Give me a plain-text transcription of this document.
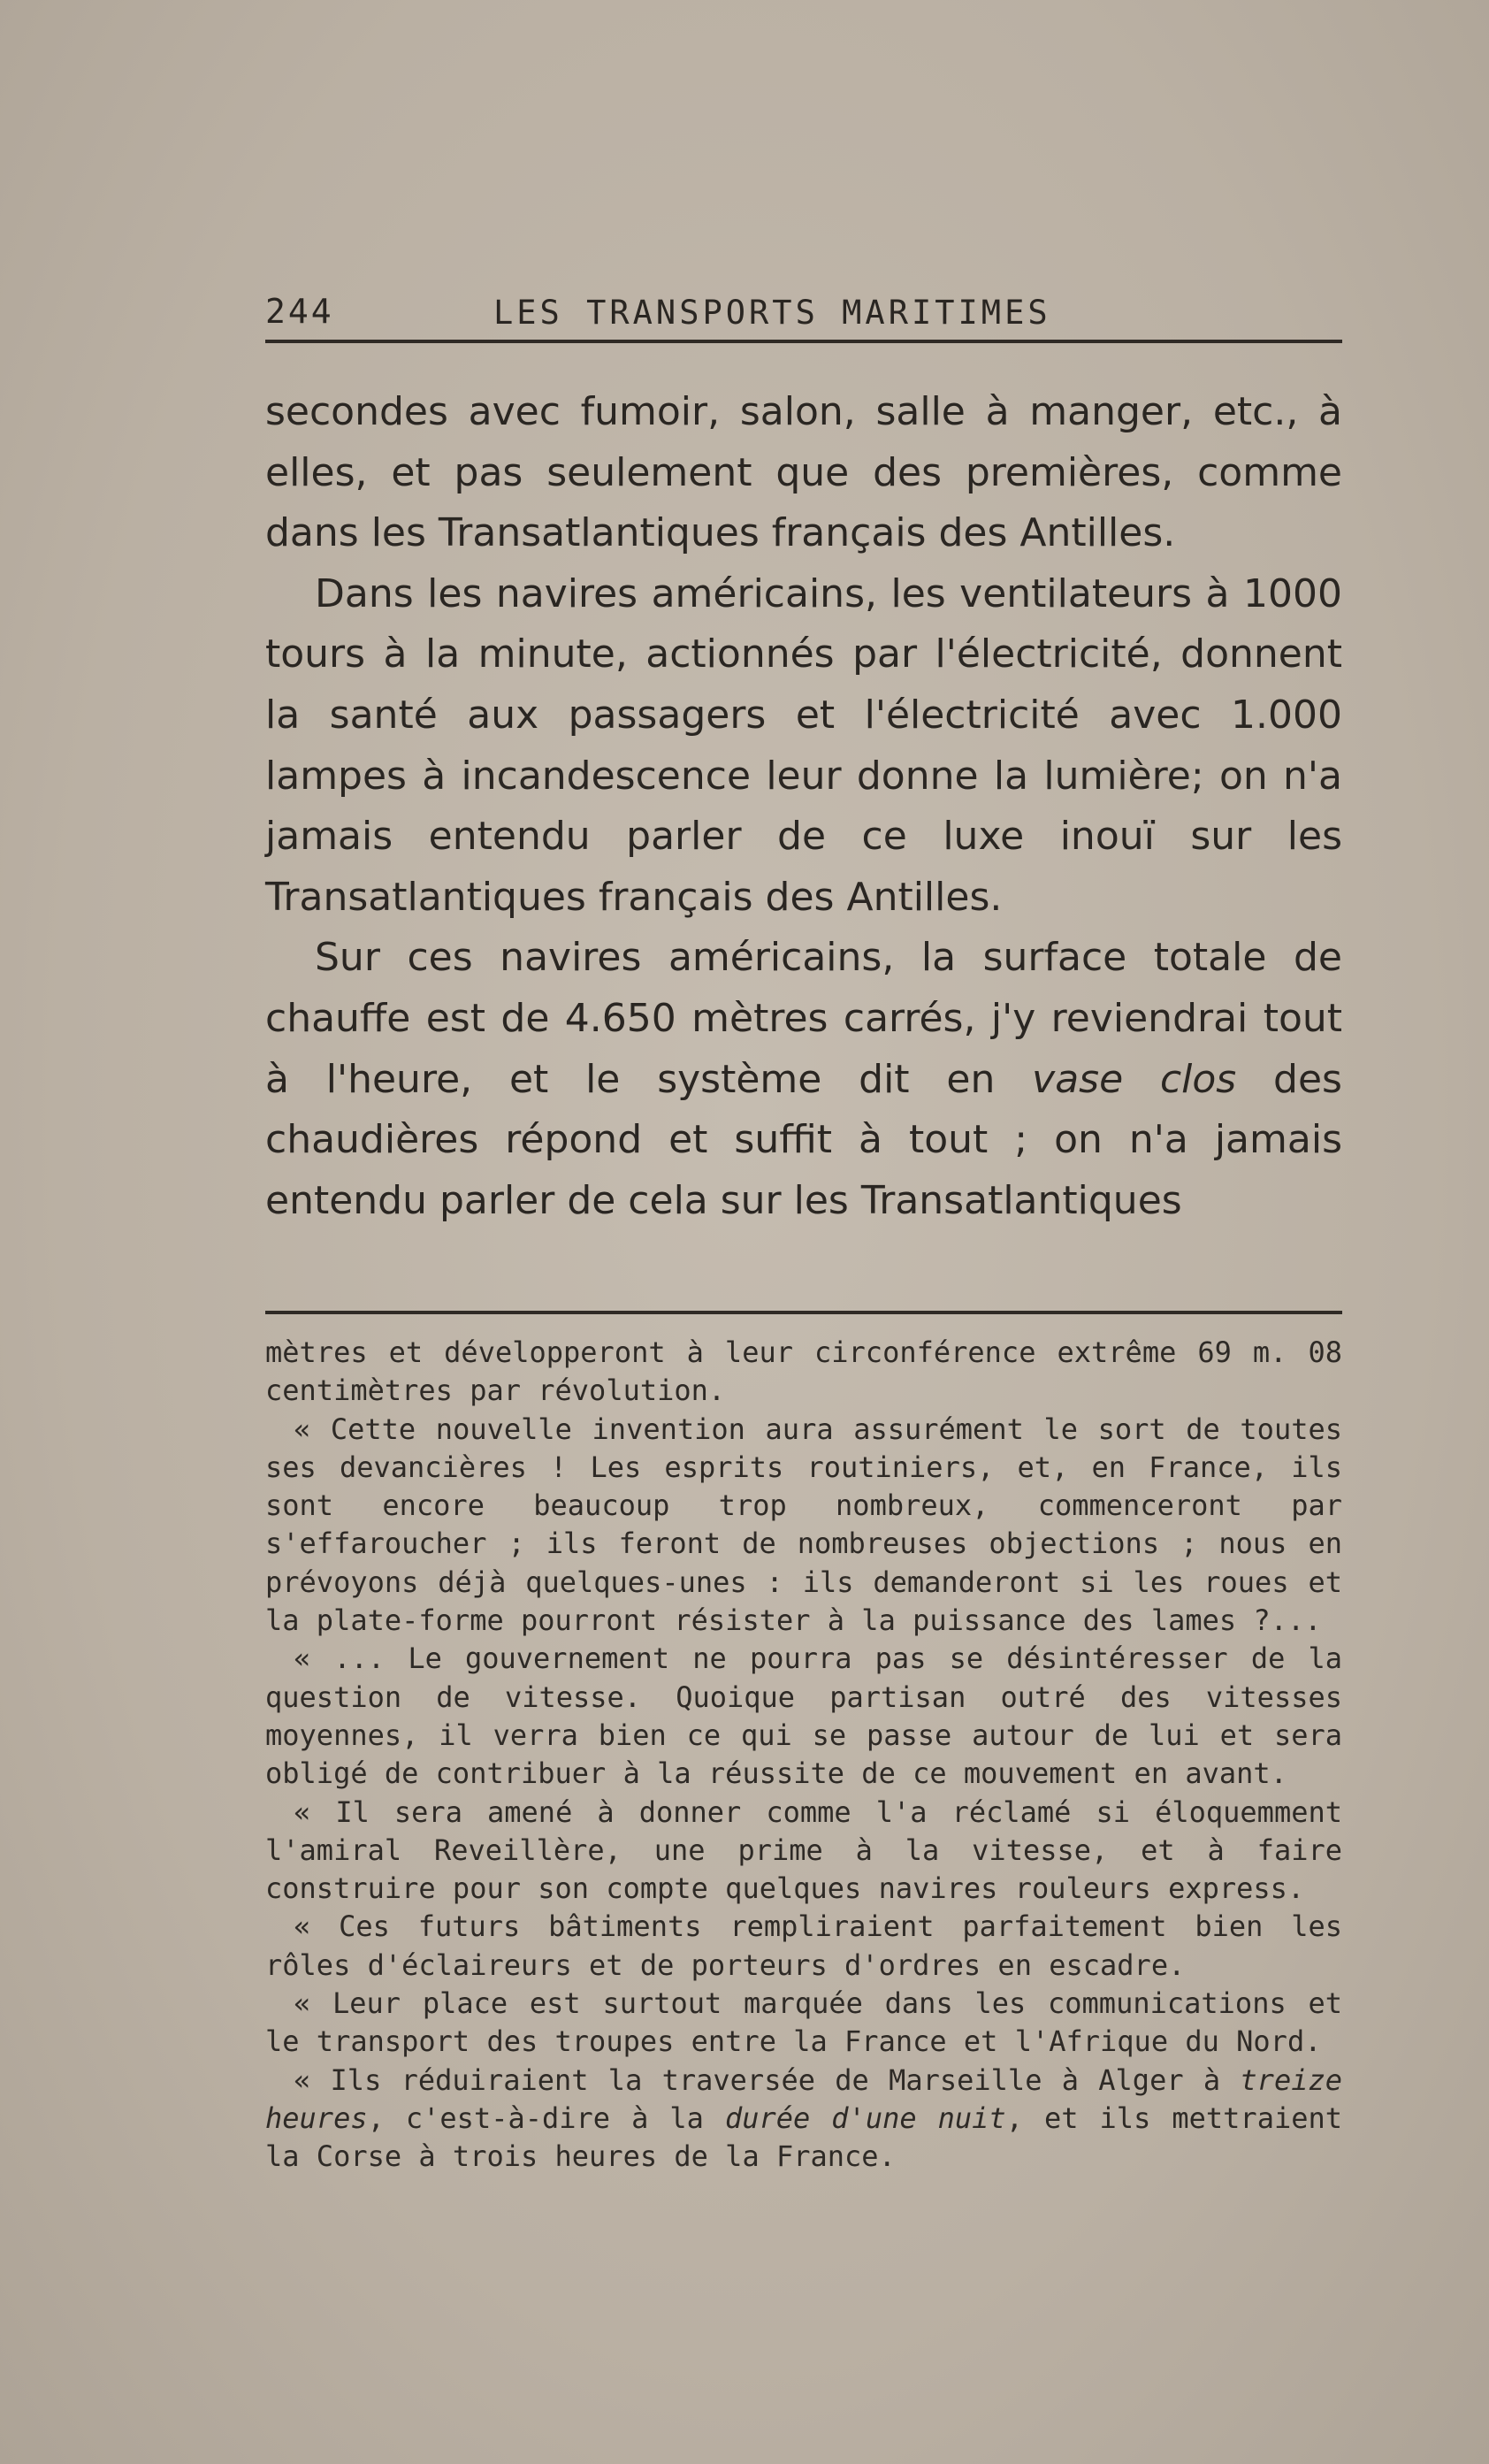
244	LES TRANSPORTS MARITIMES

secondes avec fumoir, salon, salle à manger, etc., à elles, et pas seulement que des premières, comme dans les Transatlantiques français des Antilles.

Dans les navires américains, les ventilateurs à 1000 tours à la minute, actionnés par l'électricité, donnent la santé aux passagers et l'électricité avec 1.000 lampes à incandescence leur donne la lumière; on n'a jamais entendu parler de ce luxe inouï sur les Transatlantiques français des Antilles.

Sur ces navires américains, la surface totale de chauffe est de 4.650 mètres carrés, j'y reviendrai tout à l'heure, et le système dit en vase clos des chaudières répond et suffit à tout ; on n'a jamais entendu parler de cela sur les Transatlantiques

mètres et développeront à leur circonférence extrême 69 m. 08 centimètres par révolution.

« Cette nouvelle invention aura assurément le sort de toutes ses devancières ! Les esprits routiniers, et, en France, ils sont encore beaucoup trop nombreux, commenceront par s'effaroucher ; ils feront de nombreuses objections ; nous en prévoyons déjà quelques-unes : ils demanderont si les roues et la plate-forme pourront résister à la puissance des lames ?...

« ... Le gouvernement ne pourra pas se désintéresser de la question de vitesse. Quoique partisan outré des vitesses moyennes, il verra bien ce qui se passe autour de lui et sera obligé de contribuer à la réussite de ce mouvement en avant.

« Il sera amené à donner comme l'a réclamé si éloquemment l'amiral Reveillère, une prime à la vitesse, et à faire construire pour son compte quelques navires rouleurs express.

« Ces futurs bâtiments rempliraient parfaitement bien les rôles d'éclaireurs et de porteurs d'ordres en escadre.

« Leur place est surtout marquée dans les communications et le transport des troupes entre la France et l'Afrique du Nord.

« Ils réduiraient la traversée de Marseille à Alger à treize heures, c'est-à-dire à la durée d'une nuit, et ils mettraient la Corse à trois heures de la France.
